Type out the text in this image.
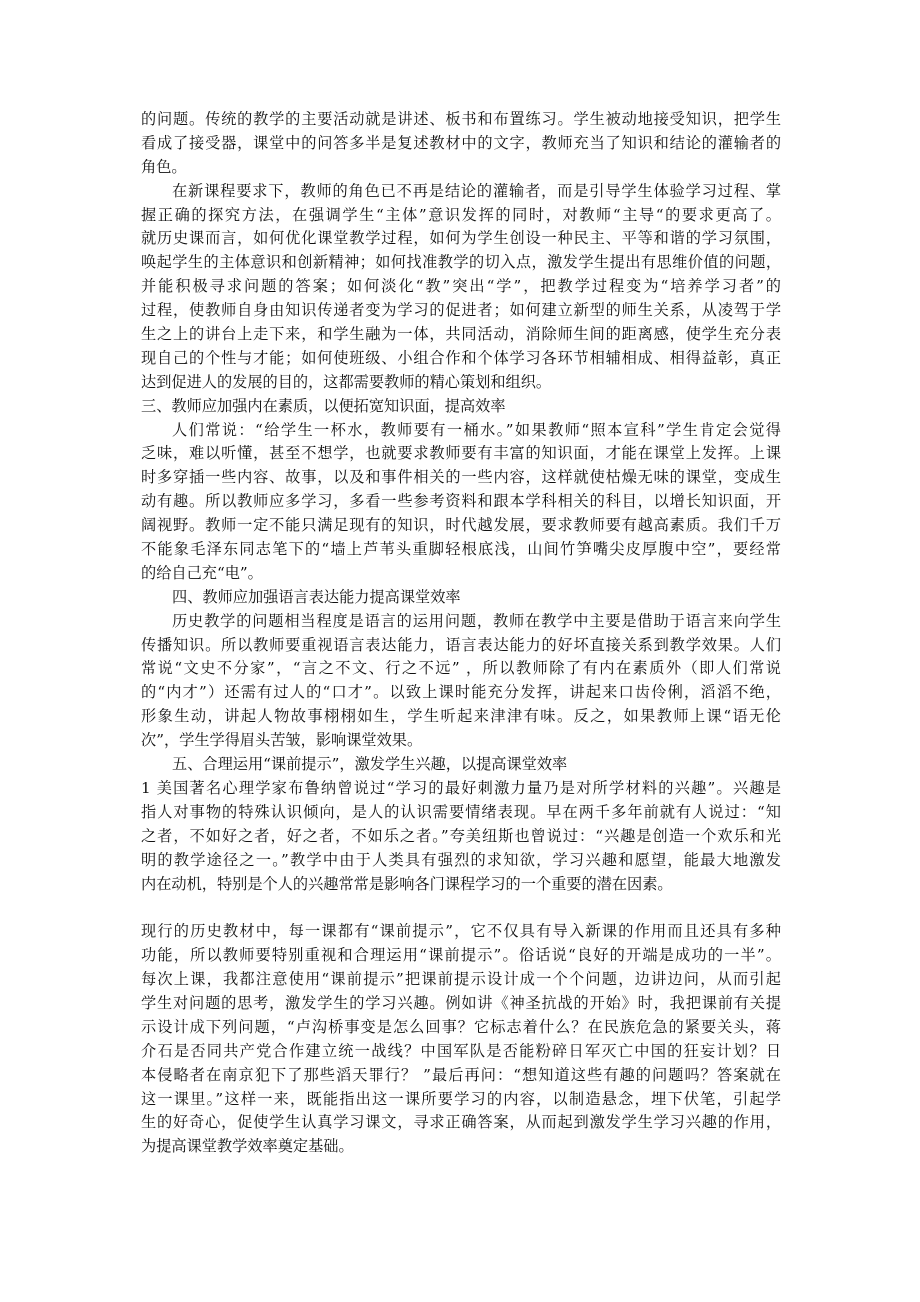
的问题。传统的教学的主要活动就是讲述、板书和布置练习。学生被动地接受知识，把学生
看成了接受器，课堂中的问答多半是复述教材中的文字，教师充当了知识和结论的灌输者的
角色。
在新课程要求下，教师的角色已不再是结论的灌输者，而是引导学生体验学习过程、掌
握正确的探究方法，在强调学生“主体”意识发挥的同时，对教师“主导“的要求更高了。
就历史课而言，如何优化课堂教学过程，如何为学生创设一种民主、平等和谐的学习氛围，
唤起学生的主体意识和创新精神；如何找准教学的切入点，激发学生提出有思维价值的问题，
并能积极寻求问题的答案；如何淡化“教”突出“学”，把教学过程变为“培养学习者”的
过程，使教师自身由知识传递者变为学习的促进者；如何建立新型的师生关系，从凌驾于学
生之上的讲台上走下来，和学生融为一体，共同活动，消除师生间的距离感，使学生充分表
现自己的个性与才能；如何使班级、小组合作和个体学习各环节相辅相成、相得益彰，真正
达到促进人的发展的目的，这都需要教师的精心策划和组织。
三、教师应加强内在素质，以便拓宽知识面，提高效率
人们常说：“给学生一杯水，教师要有一桶水。”如果教师“照本宣科”学生肯定会觉得
乏味，难以听懂，甚至不想学，也就要求教师要有丰富的知识面，才能在课堂上发挥。上课
时多穿插一些内容、故事，以及和事件相关的一些内容，这样就使枯燥无味的课堂，变成生
动有趣。所以教师应多学习，多看一些参考资料和跟本学科相关的科目，以增长知识面，开
阔视野。教师一定不能只满足现有的知识，时代越发展，要求教师要有越高素质。我们千万
不能象毛泽东同志笔下的“墙上芦苇头重脚轻根底浅，山间竹笋嘴尖皮厚腹中空”，要经常
的给自己充“电”。
四、教师应加强语言表达能力提高课堂效率
历史教学的问题相当程度是语言的运用问题，教师在教学中主要是借助于语言来向学生
传播知识。所以教师要重视语言表达能力，语言表达能力的好坏直接关系到教学效果。人们
常说“文史不分家”，“言之不文、行之不远” ，所以教师除了有内在素质外（即人们常说
的“内才”）还需有过人的“口才”。以致上课时能充分发挥，讲起来口齿伶俐，滔滔不绝，
形象生动，讲起人物故事栩栩如生，学生听起来津津有味。反之，如果教师上课“语无伦
次”，学生学得眉头苦皱，影响课堂效果。
五、合理运用“课前提示”，激发学生兴趣，以提高课堂效率
1 美国著名心理学家布鲁纳曾说过“学习的最好刺激力量乃是对所学材料的兴趣”。兴趣是
指人对事物的特殊认识倾向，是人的认识需要情绪表现。早在两千多年前就有人说过：“知
之者，不如好之者，好之者，不如乐之者。”夸美纽斯也曾说过：“兴趣是创造一个欢乐和光
明的教学途径之一。”教学中由于人类具有强烈的求知欲，学习兴趣和愿望，能最大地激发
内在动机，特别是个人的兴趣常常是影响各门课程学习的一个重要的潜在因素。
现行的历史教材中，每一课都有“课前提示”，它不仅具有导入新课的作用而且还具有多种
功能，所以教师要特别重视和合理运用“课前提示”。俗话说“良好的开端是成功的一半”。
每次上课，我都注意使用“课前提示”把课前提示设计成一个个问题，边讲边问，从而引起
学生对问题的思考，激发学生的学习兴趣。例如讲《神圣抗战的开始》时，我把课前有关提
示设计成下列问题，“卢沟桥事变是怎么回事？它标志着什么？在民族危急的紧要关头，蒋
介石是否同共产党合作建立统一战线？中国军队是否能粉碎日军灭亡中国的狂妄计划？日
本侵略者在南京犯下了那些滔天罪行？ ”最后再问：“想知道这些有趣的问题吗？答案就在
这一课里。”这样一来，既能指出这一课所要学习的内容，以制造悬念，埋下伏笔，引起学
生的好奇心，促使学生认真学习课文，寻求正确答案，从而起到激发学生学习兴趣的作用，
为提高课堂教学效率奠定基础。
